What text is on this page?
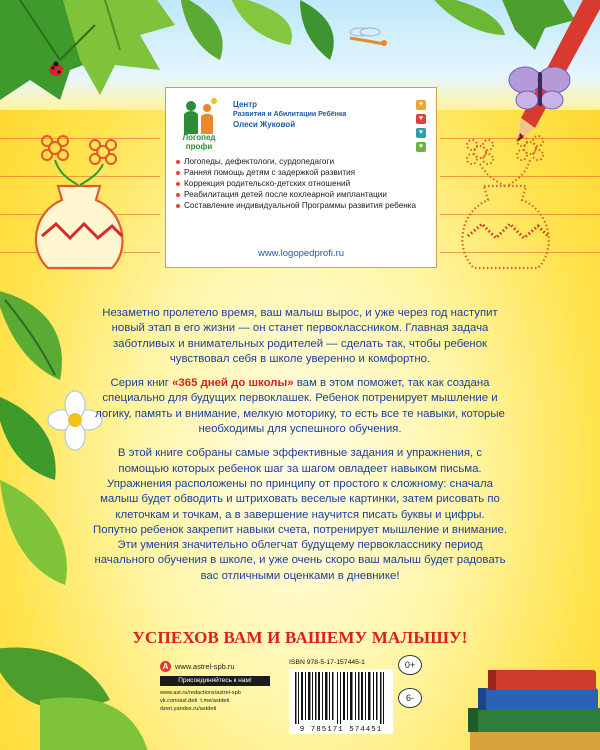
Логопед профи
Центр
Развития и Абилитации Ребёнка
Олеси Жуковой
♥
♥
♥
♥
Логопеды, дефектологи, сурдопедагоги
Ранняя помощь детям с задержкой развития
Коррекция родительско-детских отношений
Реабилитация детей после кохлеарной имплантации
Составление индивидуальной Программы развития ребенка
www.logopedprofi.ru

Незаметно пролетело время, ваш малыш вырос, и уже через год наступит новый этап в его жизни — он станет первоклассником. Главная задача заботливых и внимательных родителей — сделать так, чтобы ребенок чувствовал себя в школе уверенно и комфортно.

Серия книг «365 дней до школы» вам в этом поможет, так как создана специально для будущих первоклашек. Ребенок потренирует мышление и логику, память и внимание, мелкую моторику, то есть все те навыки, которые необходимы для успешного обучения.

В этой книге собраны самые эффективные задания и упражнения, с помощью которых ребенок шаг за шагом овладеет навыком письма. Упражнения расположены по принципу от простого к сложному: сначала малыш будет обводить и штриховать веселые картинки, затем рисовать по клеточкам и точкам, а в завершение научится писать буквы и цифры. Попутно ребенок закрепит навыки счета, потренирует мышление и внимание. Эти умения значительно облегчат будущему первокласснику период начального обучения в школе, и уже очень скоро ваш малыш будет радовать вас отличными оценками в дневнике!

УСПЕХОВ ВАМ И ВАШЕМУ МАЛЫШУ!
A www.astrel-spb.ru
Присоединяйтесь к нам!
www.ast.ru/redactions/astrel-spb
vk.com/ast.deti t.me/astdeti
dzen.yandex.ru/astdeti
ISBN 978-5-17-157445-1
9 785171 574451
0+
6-
